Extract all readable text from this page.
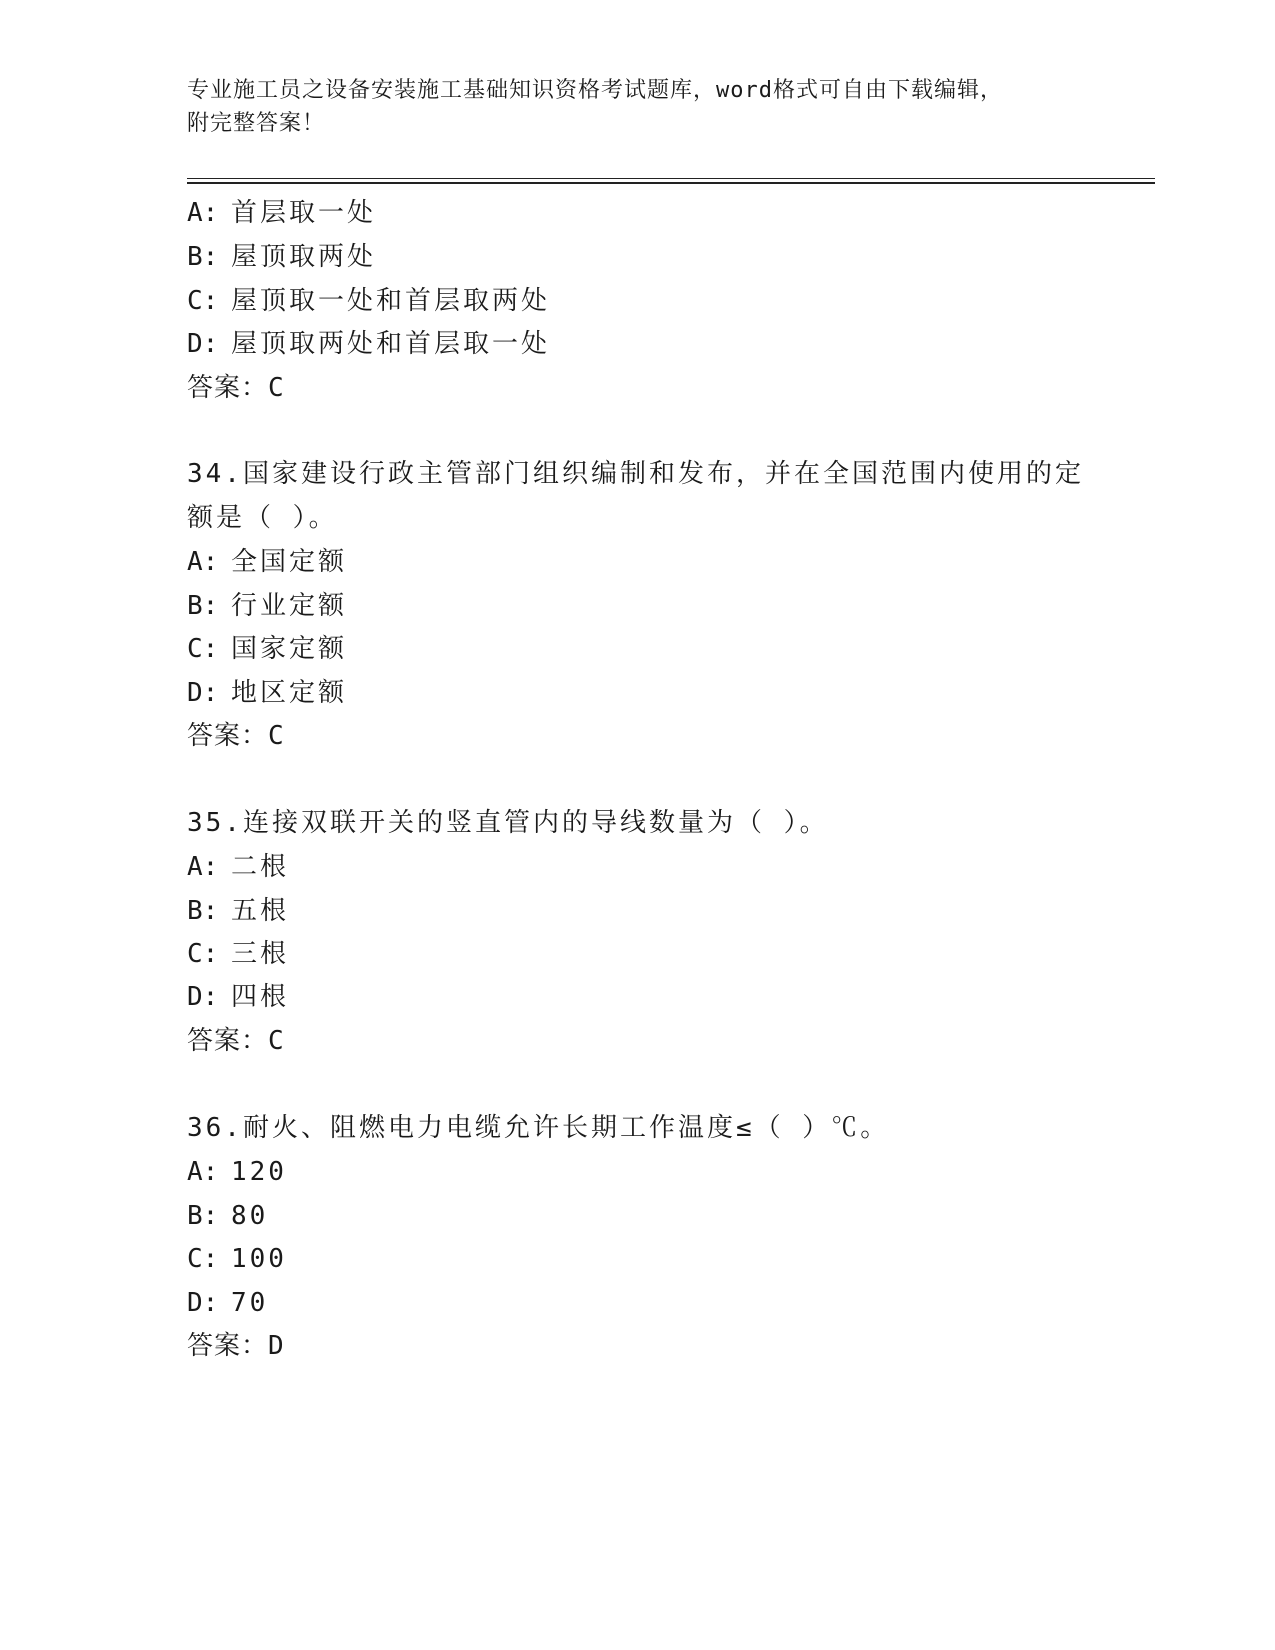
专业施工员之设备安装施工基础知识资格考试题库，word格式可自由下载编辑，
附完整答案！
A: 首层取一处
B: 屋顶取两处
C: 屋顶取一处和首层取两处
D: 屋顶取两处和首层取一处
答案：C
34.国家建设行政主管部门组织编制和发布，并在全国范围内使用的定
额是（ ）。
A: 全国定额
B: 行业定额
C: 国家定额
D: 地区定额
答案：C
35.连接双联开关的竖直管内的导线数量为（ ）。
A: 二根
B: 五根
C: 三根
D: 四根
答案：C
36.耐火、阻燃电力电缆允许长期工作温度≤（ ）℃。
A: 120
B: 80
C: 100
D: 70
答案：D
